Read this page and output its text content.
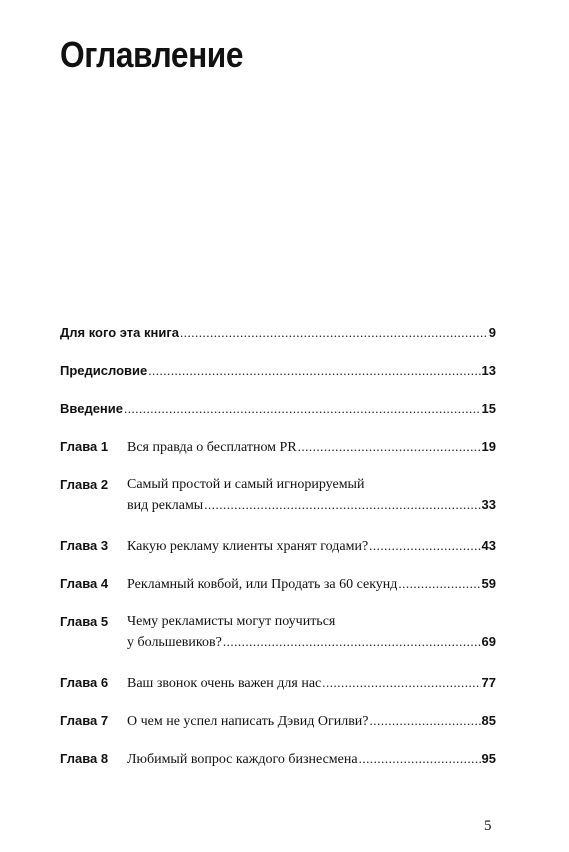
Оглавление
Для кого эта книга .....	9
Предисловие .....	13
Введение .....	15
Глава 1	Вся правда о бесплатном PR .....	19
Глава 2	Самый простой и самый игнорируемый
вид рекламы .....	33
Глава 3	Какую рекламу клиенты хранят годами? .....	43
Глава 4	Рекламный ковбой, или Продать за 60 секунд .....	59
Глава 5	Чему рекламисты могут поучиться
у большевиков? .....	69
Глава 6	Ваш звонок очень важен для нас .....	77
Глава 7	О чем не успел написать Дэвид Огилви? .....	85
Глава 8	Любимый вопрос каждого бизнесмена .....	95
5
